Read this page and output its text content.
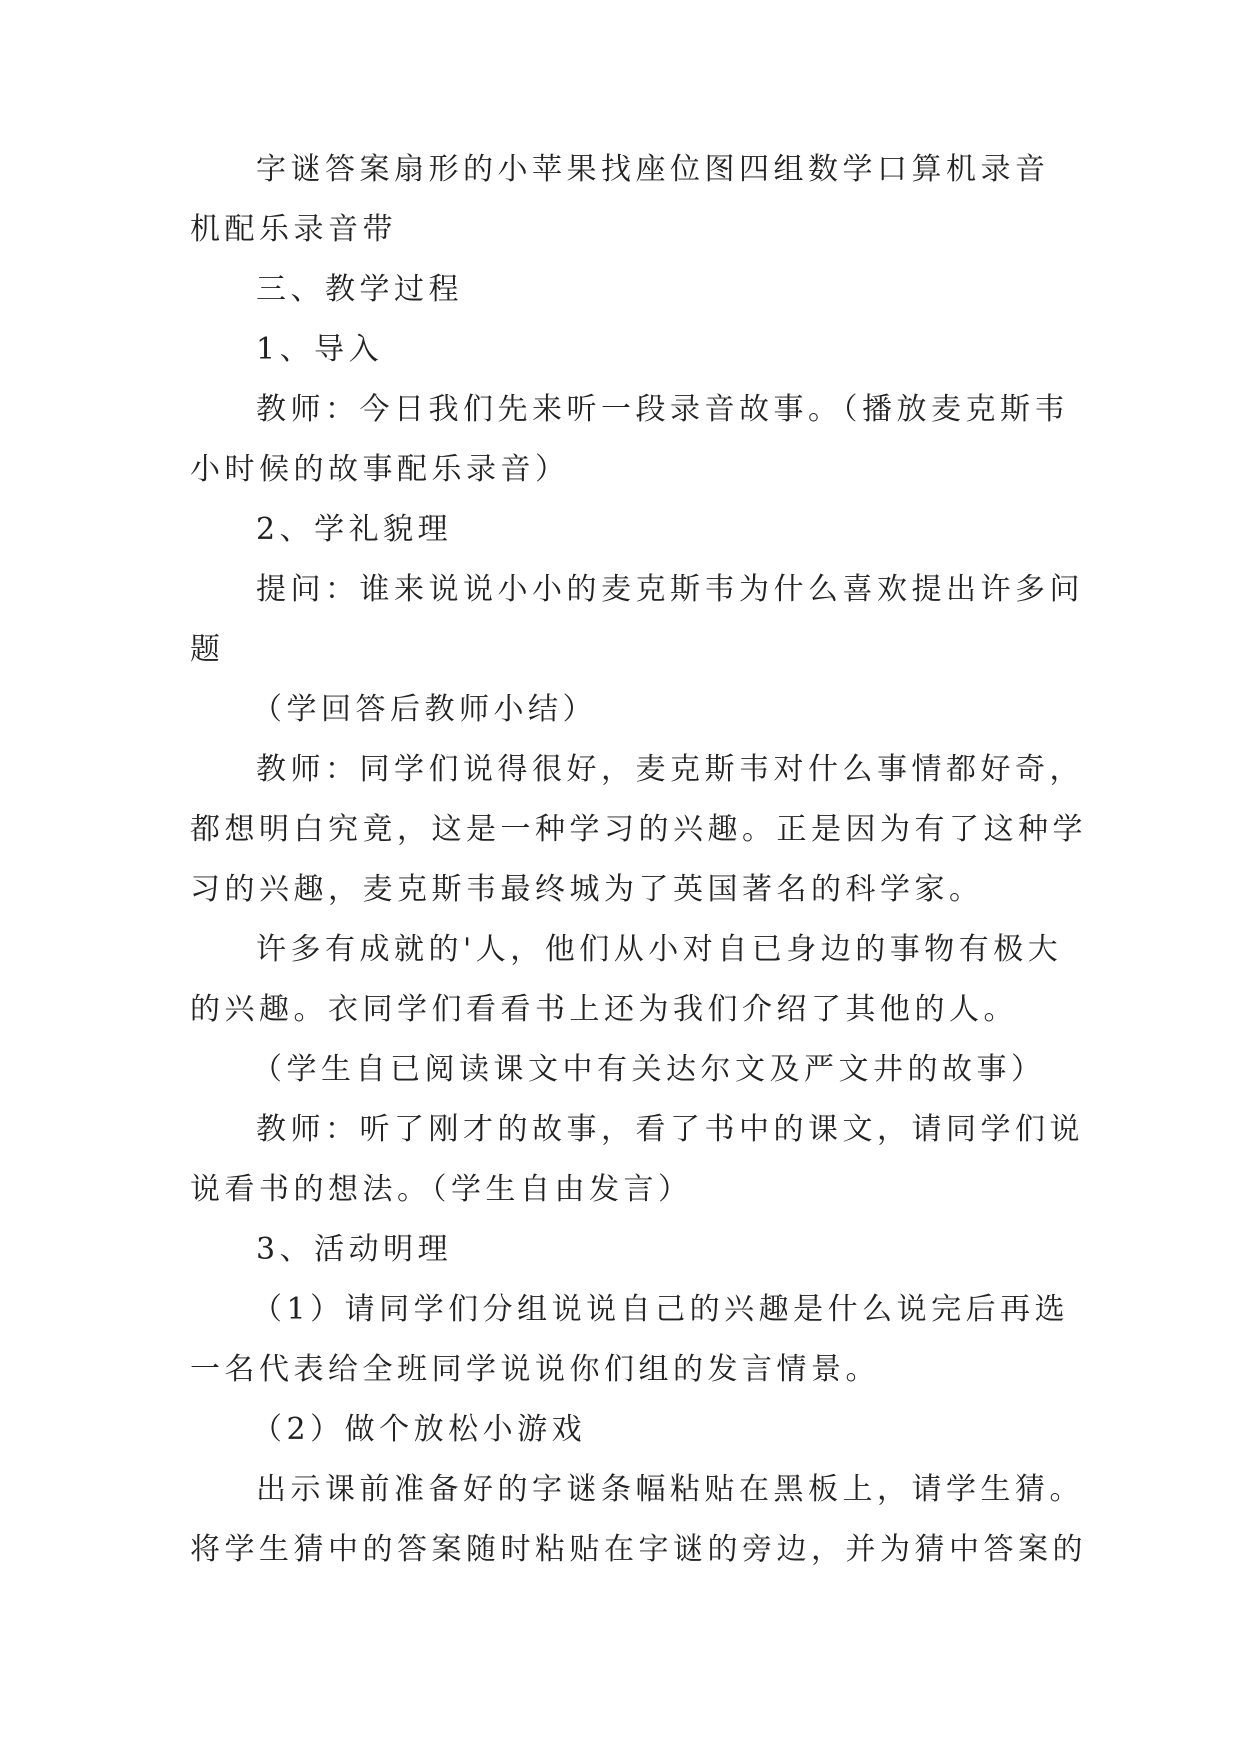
字谜答案扇形的小苹果找座位图四组数学口算机录音
机配乐录音带
三、教学过程
1、导入
教师：今日我们先来听一段录音故事。（播放麦克斯韦
小时候的故事配乐录音）
2、学礼貌理
提问：谁来说说小小的麦克斯韦为什么喜欢提出许多问
题
（学回答后教师小结）
教师：同学们说得很好，麦克斯韦对什么事情都好奇，
都想明白究竟，这是一种学习的兴趣。正是因为有了这种学
习的兴趣，麦克斯韦最终城为了英国著名的科学家。
许多有成就的'人，他们从小对自已身边的事物有极大
的兴趣。衣同学们看看书上还为我们介绍了其他的人。
（学生自已阅读课文中有关达尔文及严文井的故事）
教师：听了刚才的故事，看了书中的课文，请同学们说
说看书的想法。（学生自由发言）
3、活动明理
（1）请同学们分组说说自己的兴趣是什么说完后再选
一名代表给全班同学说说你们组的发言情景。
（2）做个放松小游戏
出示课前准备好的字谜条幅粘贴在黑板上，请学生猜。
将学生猜中的答案随时粘贴在字谜的旁边，并为猜中答案的
